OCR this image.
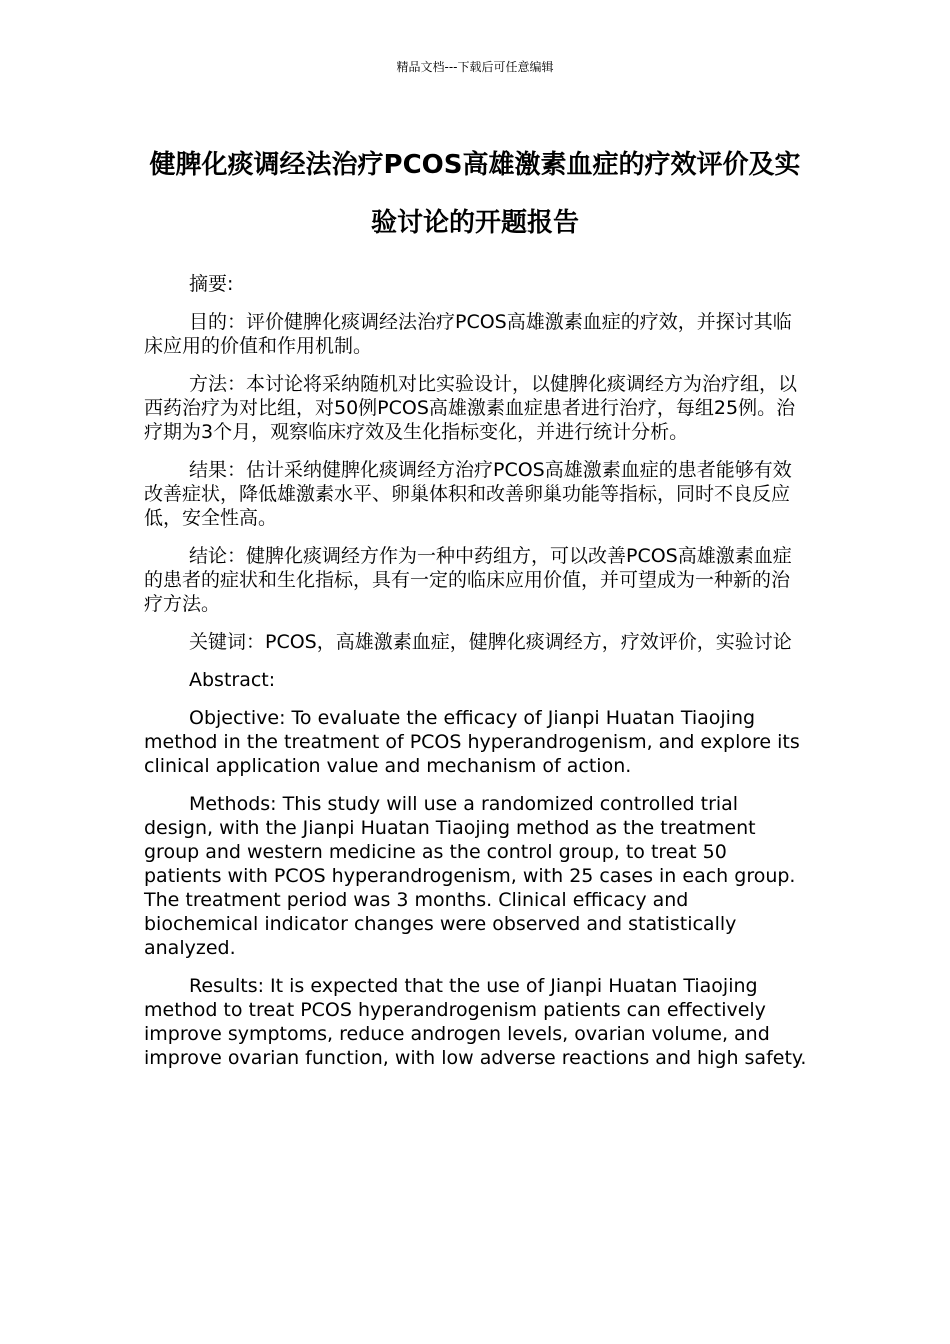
精品文档---下载后可任意编辑
健脾化痰调经法治疗PCOS高雄激素血症的疗效评价及实验讨论的开题报告

摘要:

目的：评价健脾化痰调经法治疗PCOS高雄激素血症的疗效，并探讨其临床应用的价值和作用机制。

方法：本讨论将采纳随机对比实验设计，以健脾化痰调经方为治疗组，以西药治疗为对比组，对50例PCOS高雄激素血症患者进行治疗，每组25例。治疗期为3个月，观察临床疗效及生化指标变化，并进行统计分析。

结果：估计采纳健脾化痰调经方治疗PCOS高雄激素血症的患者能够有效改善症状，降低雄激素水平、卵巢体积和改善卵巢功能等指标，同时不良反应低，安全性高。

结论：健脾化痰调经方作为一种中药组方，可以改善PCOS高雄激素血症的患者的症状和生化指标，具有一定的临床应用价值，并可望成为一种新的治疗方法。

关键词：PCOS，高雄激素血症，健脾化痰调经方，疗效评价，实验讨论

Abstract:

Objective: To evaluate the efficacy of Jianpi Huatan Tiaojing method in the treatment of PCOS hyperandrogenism, and explore its clinical application value and mechanism of action.

Methods: This study will use a randomized controlled trial design, with the Jianpi Huatan Tiaojing method as the treatment group and western medicine as the control group, to treat 50 patients with PCOS hyperandrogenism, with 25 cases in each group. The treatment period was 3 months. Clinical efficacy and biochemical indicator changes were observed and statistically analyzed.

Results: It is expected that the use of Jianpi Huatan Tiaojing method to treat PCOS hyperandrogenism patients can effectively improve symptoms, reduce androgen levels, ovarian volume, and improve ovarian function, with low adverse reactions and high safety.
